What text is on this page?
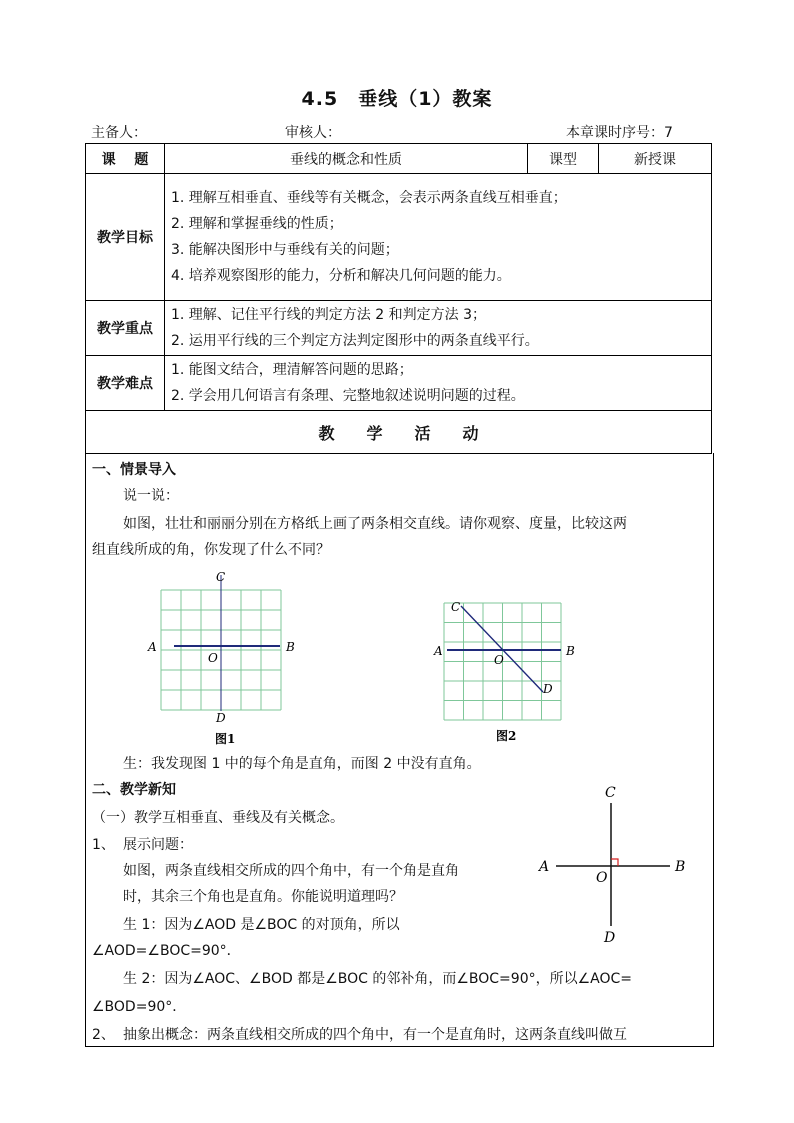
4.5　垂线（1）教案
主备人：	审核人：	本章课时序号：7
课　 题	垂线的概念和性质	课型	新授课
教学目标	1. 理解互相垂直、垂线等有关概念，会表示两条直线互相垂直；
2. 理解和掌握垂线的性质；
3. 能解决图形中与垂线有关的问题；
4. 培养观察图形的能力，分析和解决几何问题的能力。		

教学重点	1. 理解、记住平行线的判定方法 2 和判定方法 3；
2. 运用平行线的三个判定方法判定图形中的两条直线平行。		

教学难点	1. 能图文结合，理清解答问题的思路；
2. 学会用几何语言有条理、完整地叙述说明问题的过程。		

教　　学　　活　　动			

一、情景导入

说一说：

如图，壮壮和丽丽分别在方格纸上画了两条相交直线。请你观察、度量，比较这两

组直线所成的角，你发现了什么不同？

C
A	B
O
D
图1
C
A	B
O
D
图2

生：我发现图 1 中的每个角是直角，而图 2 中没有直角。

二、教学新知

（一）教学互相垂直、垂线及有关概念。

1、 展示问题：

如图，两条直线相交所成的四个角中，有一个角是直角

时，其余三个角也是直角。你能说明道理吗？

生 1：因为∠AOD 是∠BOC 的对顶角，所以

∠AOD=∠BOC=90°．

生 2：因为∠AOC、∠BOD 都是∠BOC 的邻补角，而∠BOC=90°，所以∠AOC=

∠BOD=90°．

2、 抽象出概念：两条直线相交所成的四个角中，有一个是直角时，这两条直线叫做互

C
A	B
O
D
